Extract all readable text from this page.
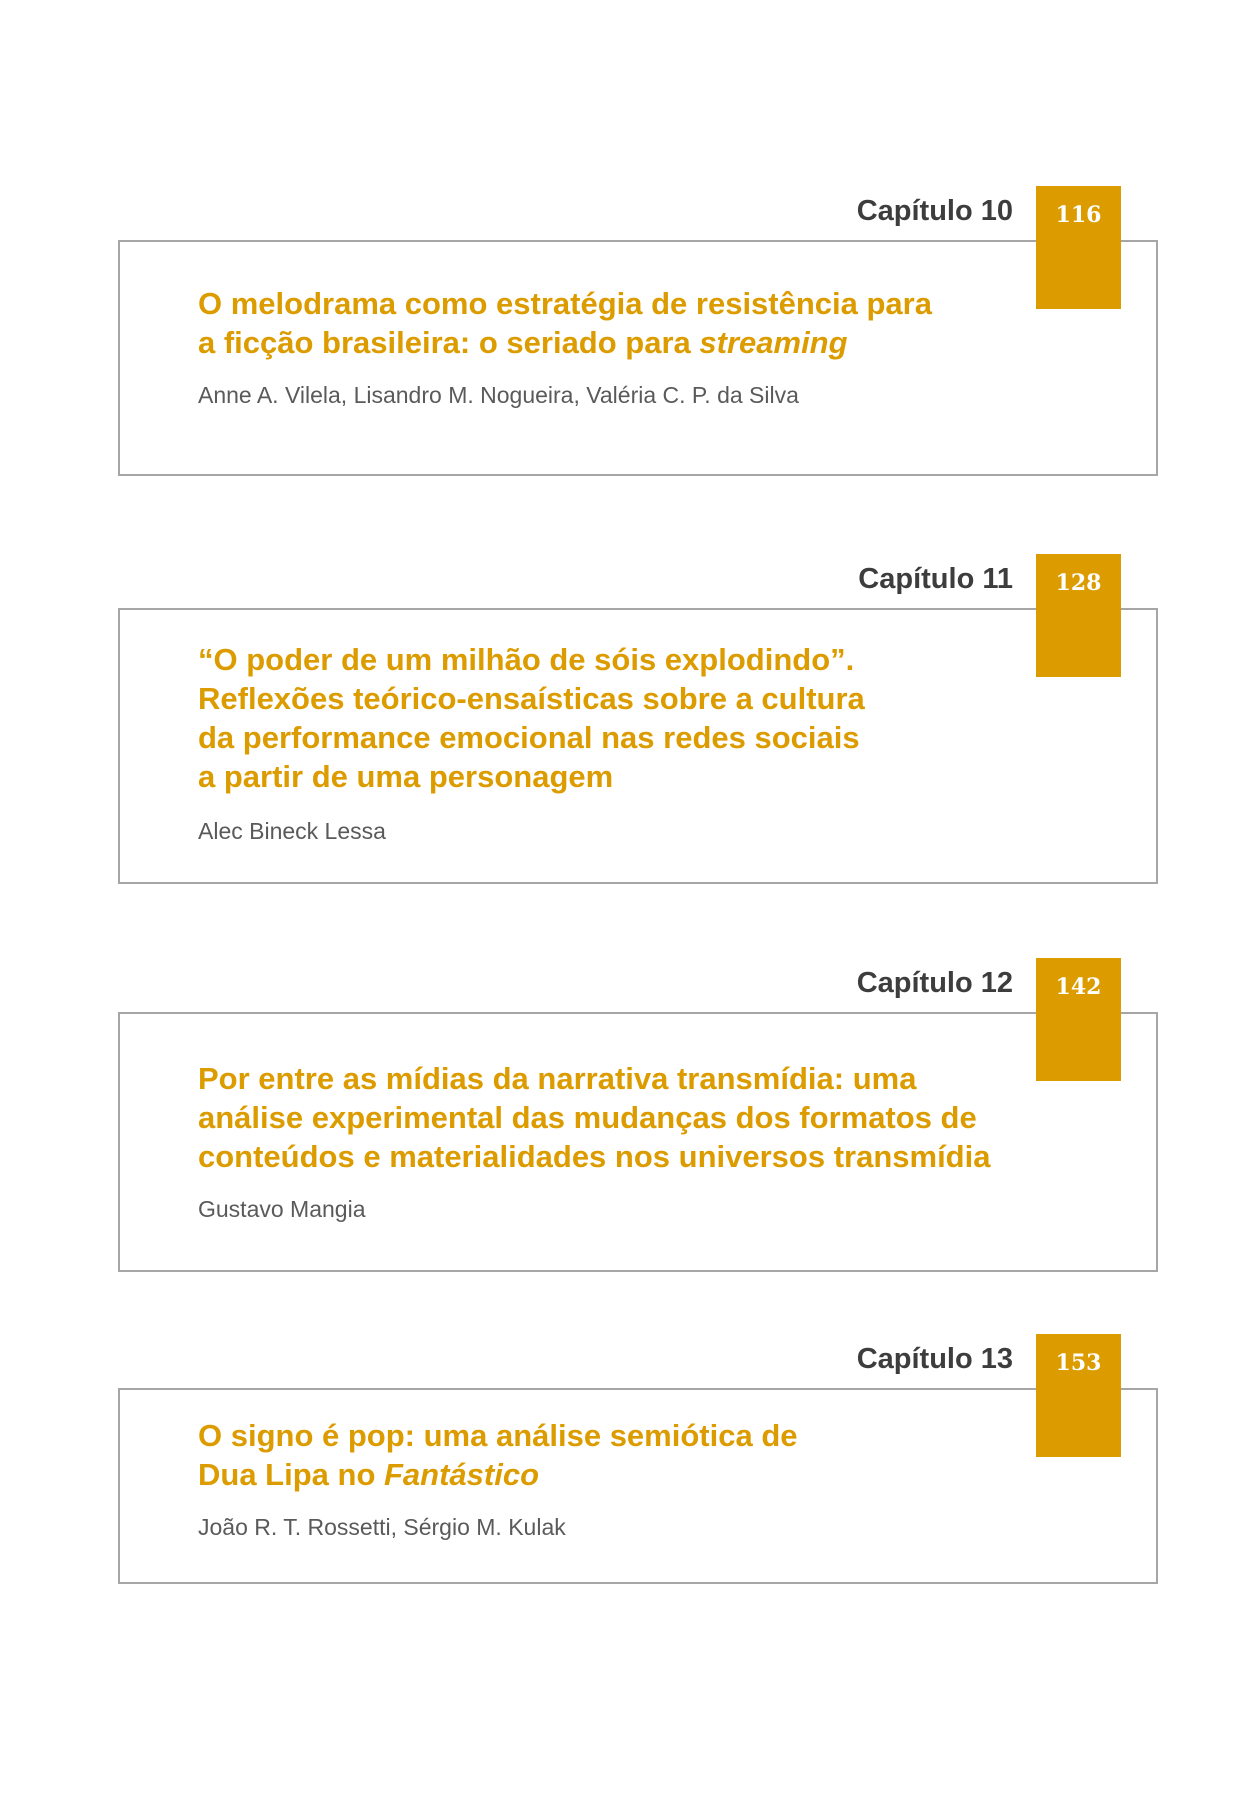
Capítulo 10	116
O melodrama como estratégia de resistência para
a ficção brasileira: o seriado para streaming

Anne A. Vilela, Lisandro M. Nogueira, Valéria C. P. da Silva

Capítulo 11	128
“O poder de um milhão de sóis explodindo”.
Reflexões teórico-ensaísticas sobre a cultura
da performance emocional nas redes sociais
a partir de uma personagem

Alec Bineck Lessa

Capítulo 12	142
Por entre as mídias da narrativa transmídia: uma
análise experimental das mudanças dos formatos de
conteúdos e materialidades nos universos transmídia

Gustavo Mangia

Capítulo 13	153
O signo é pop: uma análise semiótica de
Dua Lipa no Fantástico

João R. T. Rossetti, Sérgio M. Kulak
